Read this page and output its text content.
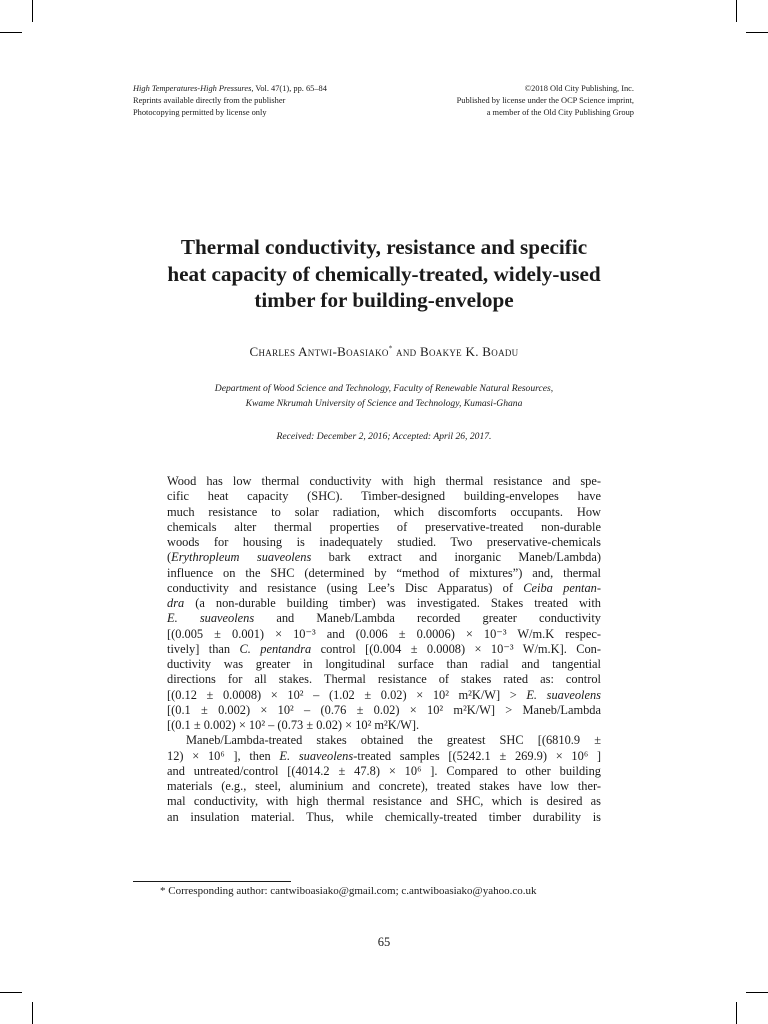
High Temperatures-High Pressures, Vol. 47(1), pp. 65–84
Reprints available directly from the publisher
Photocopying permitted by license only
©2018 Old City Publishing, Inc.
Published by license under the OCP Science imprint,
a member of the Old City Publishing Group
Thermal conductivity, resistance and specific
heat capacity of chemically-treated, widely-used
timber for building-envelope
Charles Antwi-Boasiako* and Boakye K. Boadu
Department of Wood Science and Technology, Faculty of Renewable Natural Resources,
Kwame Nkrumah University of Science and Technology, Kumasi-Ghana
Received: December 2, 2016; Accepted: April 26, 2017.
Wood has low thermal conductivity with high thermal resistance and spe-
cific heat capacity (SHC). Timber-designed building-envelopes have
much resistance to solar radiation, which discomforts occupants. How
chemicals alter thermal properties of preservative-treated non-durable
woods for housing is inadequately studied. Two preservative-chemicals
(Erythropleum suaveolens bark extract and inorganic Maneb/Lambda)
influence on the SHC (determined by “method of mixtures”) and, thermal
conductivity and resistance (using Lee’s Disc Apparatus) of Ceiba pentan-
dra (a non-durable building timber) was investigated. Stakes treated with
E. suaveolens and Maneb/Lambda recorded greater conductivity
[(0.005 ± 0.001) × 10⁻³ and (0.006 ± 0.0006) × 10⁻³ W/m.K respec-
tively] than C. pentandra control [(0.004 ± 0.0008) × 10⁻³ W/m.K]. Con-
ductivity was greater in longitudinal surface than radial and tangential
directions for all stakes. Thermal resistance of stakes rated as: control
[(0.12 ± 0.0008) × 10² – (1.02 ± 0.02) × 10² m²K/W] > E. suaveolens
[(0.1 ± 0.002) × 10² – (0.76 ± 0.02) × 10² m²K/W] > Maneb/Lambda
[(0.1 ± 0.002) × 10² – (0.73 ± 0.02) × 10² m²K/W].
Maneb/Lambda-treated stakes obtained the greatest SHC [(6810.9 ±
12) × 10⁶ ], then E. suaveolens-treated samples [(5242.1 ± 269.9) × 10⁶ ]
and untreated/control [(4014.2 ± 47.8) × 10⁶ ]. Compared to other building
materials (e.g., steel, aluminium and concrete), treated stakes have low ther-
mal conductivity, with high thermal resistance and SHC, which is desired as
an insulation material. Thus, while chemically-treated timber durability is
* Corresponding author: cantwiboasiako@gmail.com; c.antwiboasiako@yahoo.co.uk
65
